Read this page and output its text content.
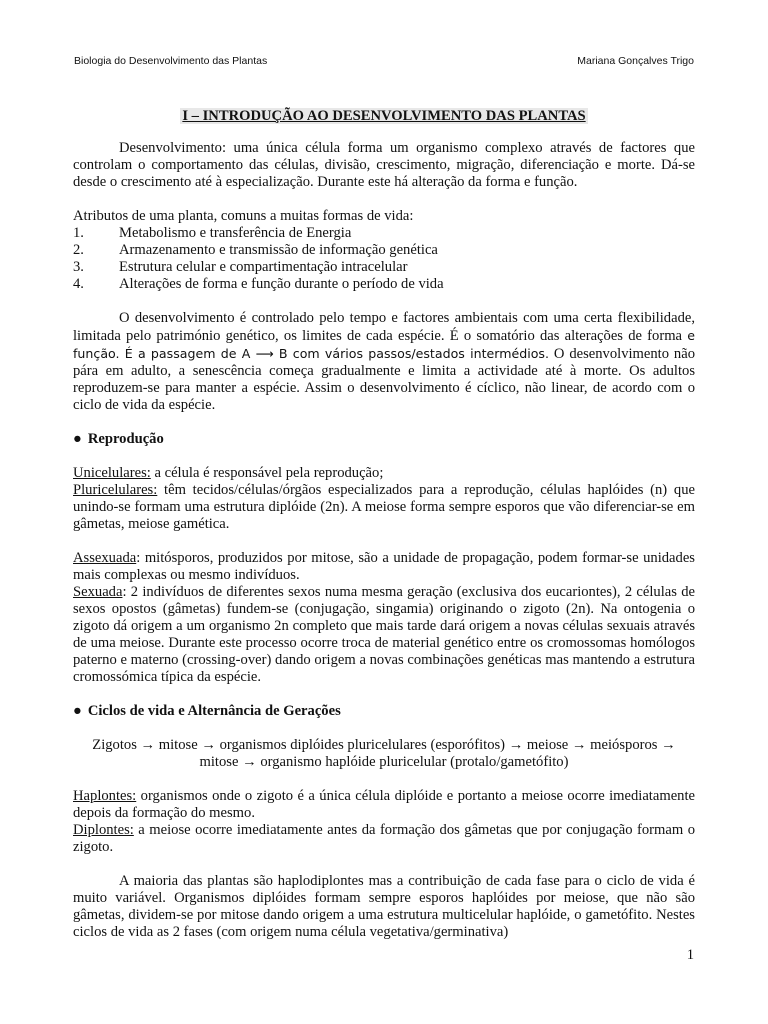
Biologia do Desenvolvimento das Plantas	Mariana Gonçalves Trigo
I – INTRODUÇÃO AO DESENVOLVIMENTO DAS PLANTAS

Desenvolvimento: uma única célula forma um organismo complexo através de factores que controlam o comportamento das células, divisão, crescimento, migração, diferenciação e morte. Dá-se desde o crescimento até à especialização. Durante este há alteração da forma e função.

Atributos de uma planta, comuns a muitas formas de vida:

1.	Metabolismo e transferência de Energia
2.	Armazenamento e transmissão de informação genética
3.	Estrutura celular e compartimentação intracelular
4.	Alterações de forma e função durante o período de vida

O desenvolvimento é controlado pelo tempo e factores ambientais com uma certa flexibilidade, limitada pelo património genético, os limites de cada espécie. É o somatório das alterações de forma e função. É a passagem de A ⟶ B com vários passos/estados intermédios. O desenvolvimento não pára em adulto, a senescência começa gradualmente e limita a actividade até à morte. Os adultos reproduzem-se para manter a espécie. Assim o desenvolvimento é cíclico, não linear, de acordo com o ciclo de vida da espécie.

● Reprodução

Unicelulares: a célula é responsável pela reprodução;

Pluricelulares: têm tecidos/células/órgãos especializados para a reprodução, células haplóides (n) que unindo-se formam uma estrutura diplóide (2n). A meiose forma sempre esporos que vão diferenciar-se em gâmetas, meiose gamética.

Assexuada: mitósporos, produzidos por mitose, são a unidade de propagação, podem formar-se unidades mais complexas ou mesmo indivíduos.

Sexuada: 2 indivíduos de diferentes sexos numa mesma geração (exclusiva dos eucariontes), 2 células de sexos opostos (gâmetas) fundem-se (conjugação, singamia) originando o zigoto (2n). Na ontogenia o zigoto dá origem a um organismo 2n completo que mais tarde dará origem a novas células sexuais através de uma meiose. Durante este processo ocorre troca de material genético entre os cromossomas homólogos paterno e materno (crossing-over) dando origem a novas combinações genéticas mas mantendo a estrutura cromossómica típica da espécie.

● Ciclos de vida e Alternância de Gerações
Zigotos → mitose → organismos diplóides pluricelulares (esporófitos) → meiose → meiósporos →
mitose → organismo haplóide pluricelular (protalo/gametófito)

Haplontes: organismos onde o zigoto é a única célula diplóide e portanto a meiose ocorre imediatamente depois da formação do mesmo.

Diplontes: a meiose ocorre imediatamente antes da formação dos gâmetas que por conjugação formam o zigoto.

A maioria das plantas são haplodiplontes mas a contribuição de cada fase para o ciclo de vida é muito variável. Organismos diplóides formam sempre esporos haplóides por meiose, que não são gâmetas, dividem-se por mitose dando origem a uma estrutura multicelular haplóide, o gametófito. Nestes ciclos de vida as 2 fases (com origem numa célula vegetativa/germinativa)

1
